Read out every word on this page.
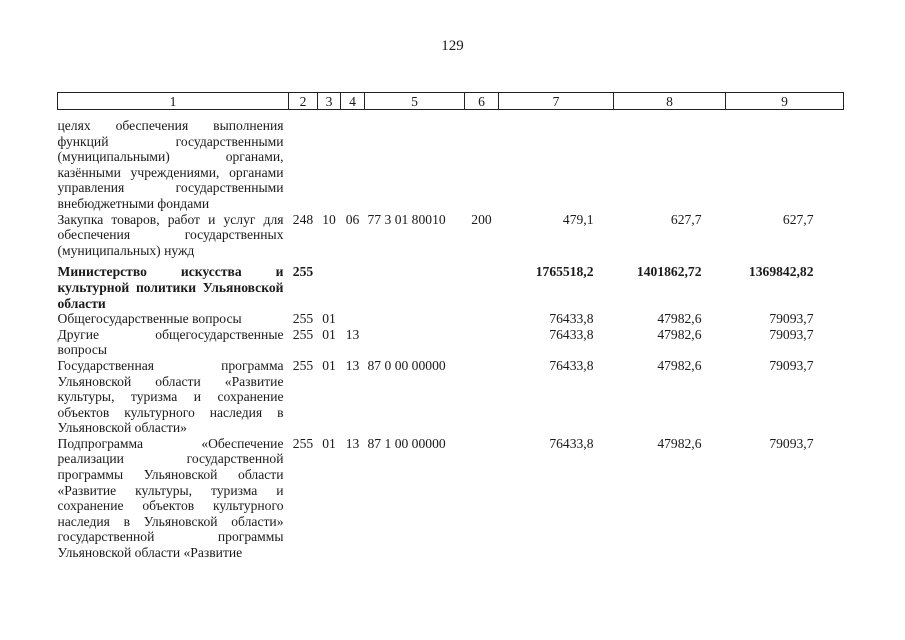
129
1	2	3	4	5	6	7	8	9
целях обеспечения выполнения функций государственными (муниципальными) органами, казёнными учреждениями, органами управления государственными внебюджетными фондами								
Закупка товаров, работ и услуг для обеспечения государственных (муниципальных) нужд	248	10	06	77 3 01 80010	200	479,1	627,7	627,7
Министерство искусства и культурной политики Ульяновской области	255					1765518,2	1401862,72	1369842,82
Общегосударственные вопросы	255	01				76433,8	47982,6	79093,7
Другие общегосударственные вопросы	255	01	13			76433,8	47982,6	79093,7
Государственная программа Ульяновской области «Развитие культуры, туризма и сохранение объектов культурного наследия в Ульяновской области»	255	01	13	87 0 00 00000		76433,8	47982,6	79093,7
Подпрограмма «Обеспечение реализации государственной программы Ульяновской области «Развитие культуры, туризма и сохранение объектов культурного наследия в Ульяновской области» государственной программы Ульяновской области «Развитие	255	01	13	87 1 00 00000		76433,8	47982,6	79093,7
